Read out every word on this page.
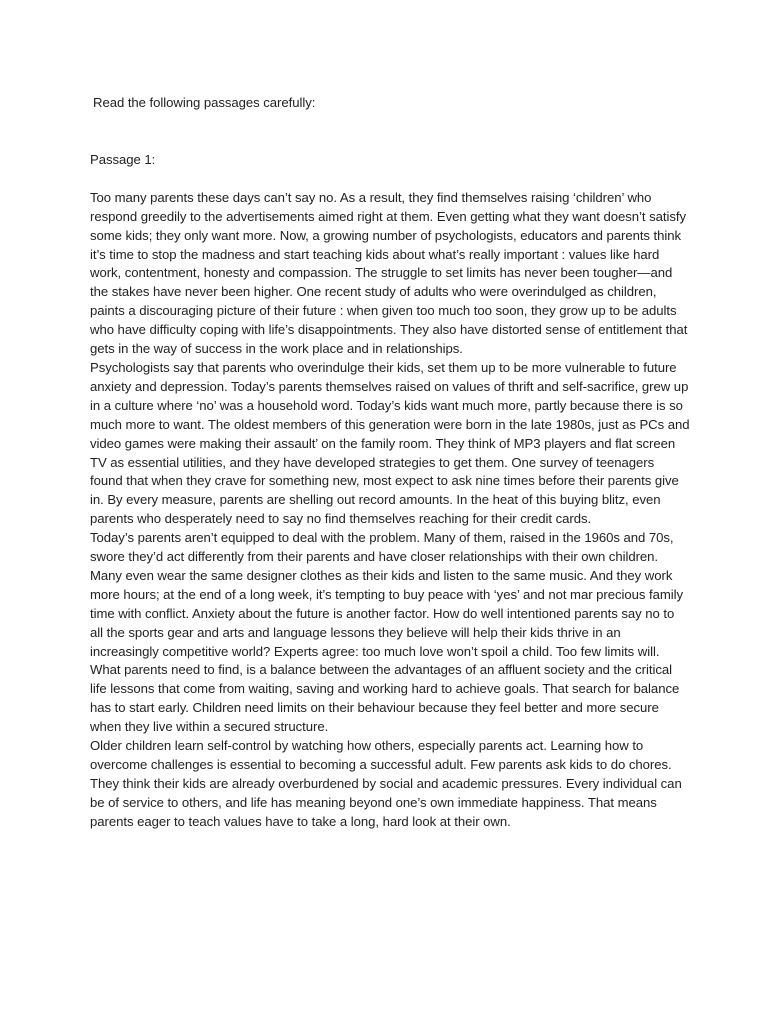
Read the following passages carefully:

Passage 1:

Too many parents these days can’t say no. As a result, they find themselves raising ‘children’ who respond greedily to the advertisements aimed right at them. Even getting what they want doesn’t satisfy some kids; they only want more. Now, a growing number of psychologists, educators and parents think it’s time to stop the madness and start teaching kids about what’s really important : values like hard work, contentment, honesty and compassion. The struggle to set limits has never been tougher—and the stakes have never been higher. One recent study of adults who were overindulged as children, paints a discouraging picture of their future : when given too much too soon, they grow up to be adults who have difficulty coping with life’s disappointments. They also have distorted sense of entitlement that gets in the way of success in the work place and in relationships.

Psychologists say that parents who overindulge their kids, set them up to be more vulnerable to future anxiety and depression. Today’s parents themselves raised on values of thrift and self-sacrifice, grew up in a culture where ‘no’ was a household word. Today’s kids want much more, partly because there is so much more to want. The oldest members of this generation were born in the late 1980s, just as PCs and video games were making their assault’ on the family room. They think of MP3 players and flat screen TV as essential utilities, and they have developed strategies to get them. One survey of teenagers found that when they crave for something new, most expect to ask nine times before their parents give in. By every measure, parents are shelling out record amounts. In the heat of this buying blitz, even parents who desperately need to say no find themselves reaching for their credit cards.

Today’s parents aren’t equipped to deal with the problem. Many of them, raised in the 1960s and 70s, swore they’d act differently from their parents and have closer relationships with their own children. Many even wear the same designer clothes as their kids and listen to the same music. And they work more hours; at the end of a long week, it’s tempting to buy peace with ‘yes’ and not mar precious family time with conflict. Anxiety about the future is another factor. How do well intentioned parents say no to all the sports gear and arts and language lessons they believe will help their kids thrive in an increasingly competitive world? Experts agree: too much love won’t spoil a child. Too few limits will.

What parents need to find, is a balance between the advantages of an affluent society and the critical life lessons that come from waiting, saving and working hard to achieve goals. That search for balance has to start early. Children need limits on their behaviour because they feel better and more secure when they live within a secured structure.

Older children learn self-control by watching how others, especially parents act. Learning how to overcome challenges is essential to becoming a successful adult. Few parents ask kids to do chores. They think their kids are already overburdened by social and academic pressures. Every individual can be of service to others, and life has meaning beyond one’s own immediate happiness. That means parents eager to teach values have to take a long, hard look at their own.
